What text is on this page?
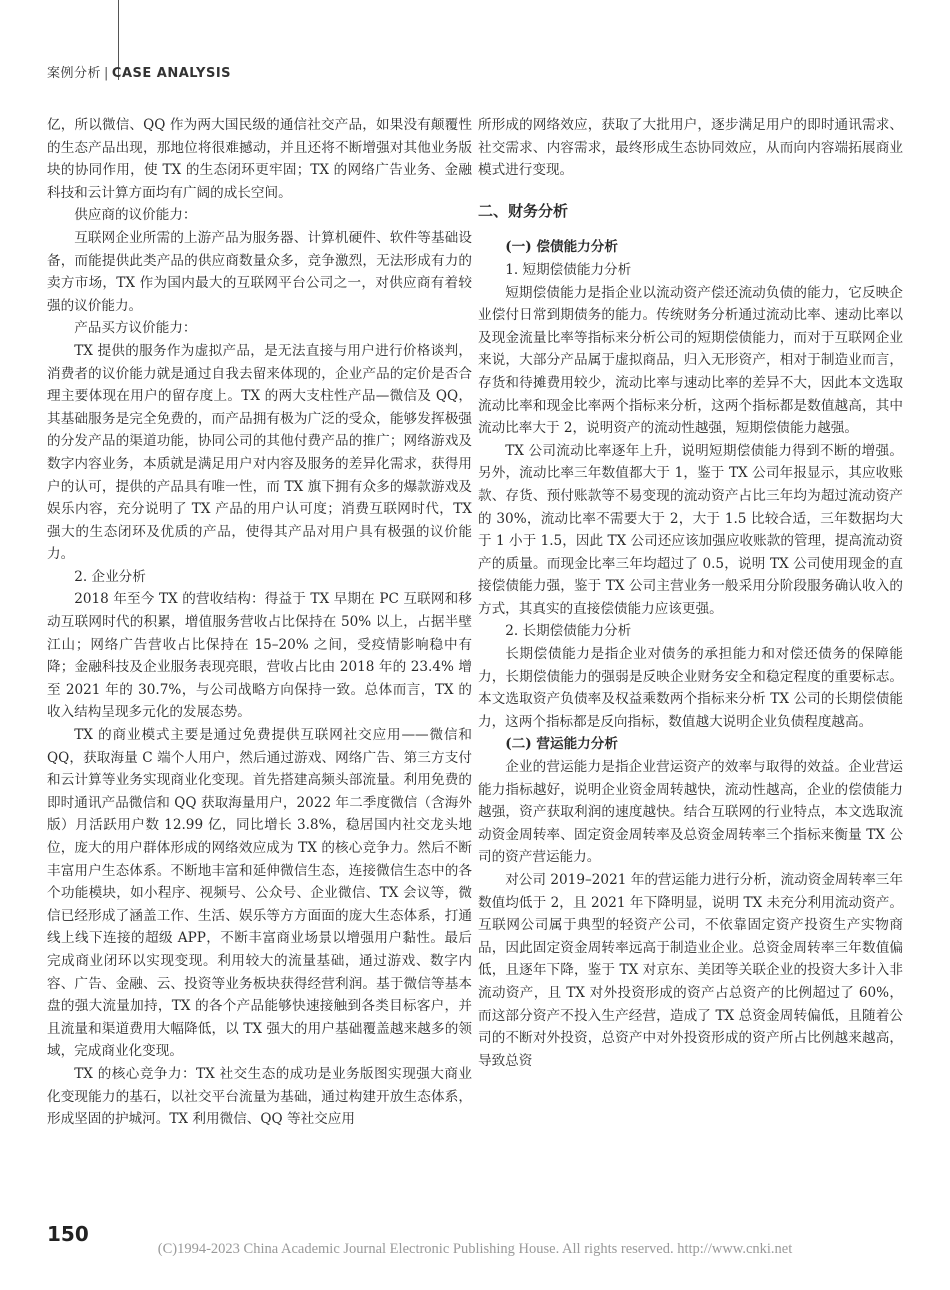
案例分析 | CASE ANALYSIS

亿，所以微信、QQ 作为两大国民级的通信社交产品，如果没有颠覆性的生态产品出现，那地位将很难撼动，并且还将不断增强对其他业务版块的协同作用，使 TX 的生态闭环更牢固；TX 的网络广告业务、金融科技和云计算方面均有广阔的成长空间。

供应商的议价能力：

互联网企业所需的上游产品为服务器、计算机硬件、软件等基础设备，而能提供此类产品的供应商数量众多，竞争激烈，无法形成有力的卖方市场，TX 作为国内最大的互联网平台公司之一，对供应商有着较强的议价能力。

产品买方议价能力：

TX 提供的服务作为虚拟产品，是无法直接与用户进行价格谈判，消费者的议价能力就是通过自我去留来体现的，企业产品的定价是否合理主要体现在用户的留存度上。TX 的两大支柱性产品—微信及 QQ，其基础服务是完全免费的，而产品拥有极为广泛的受众，能够发挥极强的分发产品的渠道功能，协同公司的其他付费产品的推广；网络游戏及数字内容业务，本质就是满足用户对内容及服务的差异化需求，获得用户的认可，提供的产品具有唯一性，而 TX 旗下拥有众多的爆款游戏及娱乐内容，充分说明了 TX 产品的用户认可度；消费互联网时代，TX 强大的生态闭环及优质的产品，使得其产品对用户具有极强的议价能力。

2. 企业分析

2018 年至今 TX 的营收结构：得益于 TX 早期在 PC 互联网和移动互联网时代的积累，增值服务营收占比保持在 50% 以上，占据半壁江山；网络广告营收占比保持在 15–20% 之间，受疫情影响稳中有降；金融科技及企业服务表现亮眼，营收占比由 2018 年的 23.4% 增至 2021 年的 30.7%，与公司战略方向保持一致。总体而言，TX 的收入结构呈现多元化的发展态势。

TX 的商业模式主要是通过免费提供互联网社交应用——微信和 QQ，获取海量 C 端个人用户，然后通过游戏、网络广告、第三方支付和云计算等业务实现商业化变现。首先搭建高频头部流量。利用免费的即时通讯产品微信和 QQ 获取海量用户，2022 年二季度微信（含海外版）月活跃用户数 12.99 亿，同比增长 3.8%，稳居国内社交龙头地位，庞大的用户群体形成的网络效应成为 TX 的核心竞争力。然后不断丰富用户生态体系。不断地丰富和延伸微信生态，连接微信生态中的各个功能模块，如小程序、视频号、公众号、企业微信、TX 会议等，微信已经形成了涵盖工作、生活、娱乐等方方面面的庞大生态体系，打通线上线下连接的超级 APP，不断丰富商业场景以增强用户黏性。最后完成商业闭环以实现变现。利用较大的流量基础，通过游戏、数字内容、广告、金融、云、投资等业务板块获得经营利润。基于微信等基本盘的强大流量加持，TX 的各个产品能够快速接触到各类目标客户，并且流量和渠道费用大幅降低，以 TX 强大的用户基础覆盖越来越多的领域，完成商业化变现。

TX 的核心竞争力：TX 社交生态的成功是业务版图实现强大商业化变现能力的基石，以社交平台流量为基础，通过构建开放生态体系，形成坚固的护城河。TX 利用微信、QQ 等社交应用

所形成的网络效应，获取了大批用户，逐步满足用户的即时通讯需求、社交需求、内容需求，最终形成生态协同效应，从而向内容端拓展商业模式进行变现。

二、财务分析
(一) 偿债能力分析

1. 短期偿债能力分析

短期偿债能力是指企业以流动资产偿还流动负债的能力，它反映企业偿付日常到期债务的能力。传统财务分析通过流动比率、速动比率以及现金流量比率等指标来分析公司的短期偿债能力，而对于互联网企业来说，大部分产品属于虚拟商品，归入无形资产，相对于制造业而言，存货和待摊费用较少，流动比率与速动比率的差异不大，因此本文选取流动比率和现金比率两个指标来分析，这两个指标都是数值越高，其中流动比率大于 2，说明资产的流动性越强，短期偿债能力越强。

TX 公司流动比率逐年上升，说明短期偿债能力得到不断的增强。另外，流动比率三年数值都大于 1，鉴于 TX 公司年报显示，其应收账款、存货、预付账款等不易变现的流动资产占比三年均为超过流动资产的 30%，流动比率不需要大于 2，大于 1.5 比较合适，三年数据均大于 1 小于 1.5，因此 TX 公司还应该加强应收账款的管理，提高流动资产的质量。而现金比率三年均超过了 0.5，说明 TX 公司使用现金的直接偿债能力强，鉴于 TX 公司主营业务一般采用分阶段服务确认收入的方式，其真实的直接偿债能力应该更强。

2. 长期偿债能力分析

长期偿债能力是指企业对债务的承担能力和对偿还债务的保障能力，长期偿债能力的强弱是反映企业财务安全和稳定程度的重要标志。本文选取资产负债率及权益乘数两个指标来分析 TX 公司的长期偿债能力，这两个指标都是反向指标，数值越大说明企业负债程度越高。

(二) 营运能力分析

企业的营运能力是指企业营运资产的效率与取得的效益。企业营运能力指标越好，说明企业资金周转越快，流动性越高，企业的偿债能力越强，资产获取利润的速度越快。结合互联网的行业特点，本文选取流动资金周转率、固定资金周转率及总资金周转率三个指标来衡量 TX 公司的资产营运能力。

对公司 2019–2021 年的营运能力进行分析，流动资金周转率三年数值均低于 2，且 2021 年下降明显，说明 TX 未充分利用流动资产。互联网公司属于典型的轻资产公司，不依靠固定资产投资生产实物商品，因此固定资金周转率远高于制造业企业。总资金周转率三年数值偏低，且逐年下降，鉴于 TX 对京东、美团等关联企业的投资大多计入非流动资产，且 TX 对外投资形成的资产占总资产的比例超过了 60%，而这部分资产不投入生产经营，造成了 TX 总资金周转偏低，且随着公司的不断对外投资，总资产中对外投资形成的资产所占比例越来越高，导致总资

150
(C)1994-2023 China Academic Journal Electronic Publishing House. All rights reserved. http://www.cnki.net
